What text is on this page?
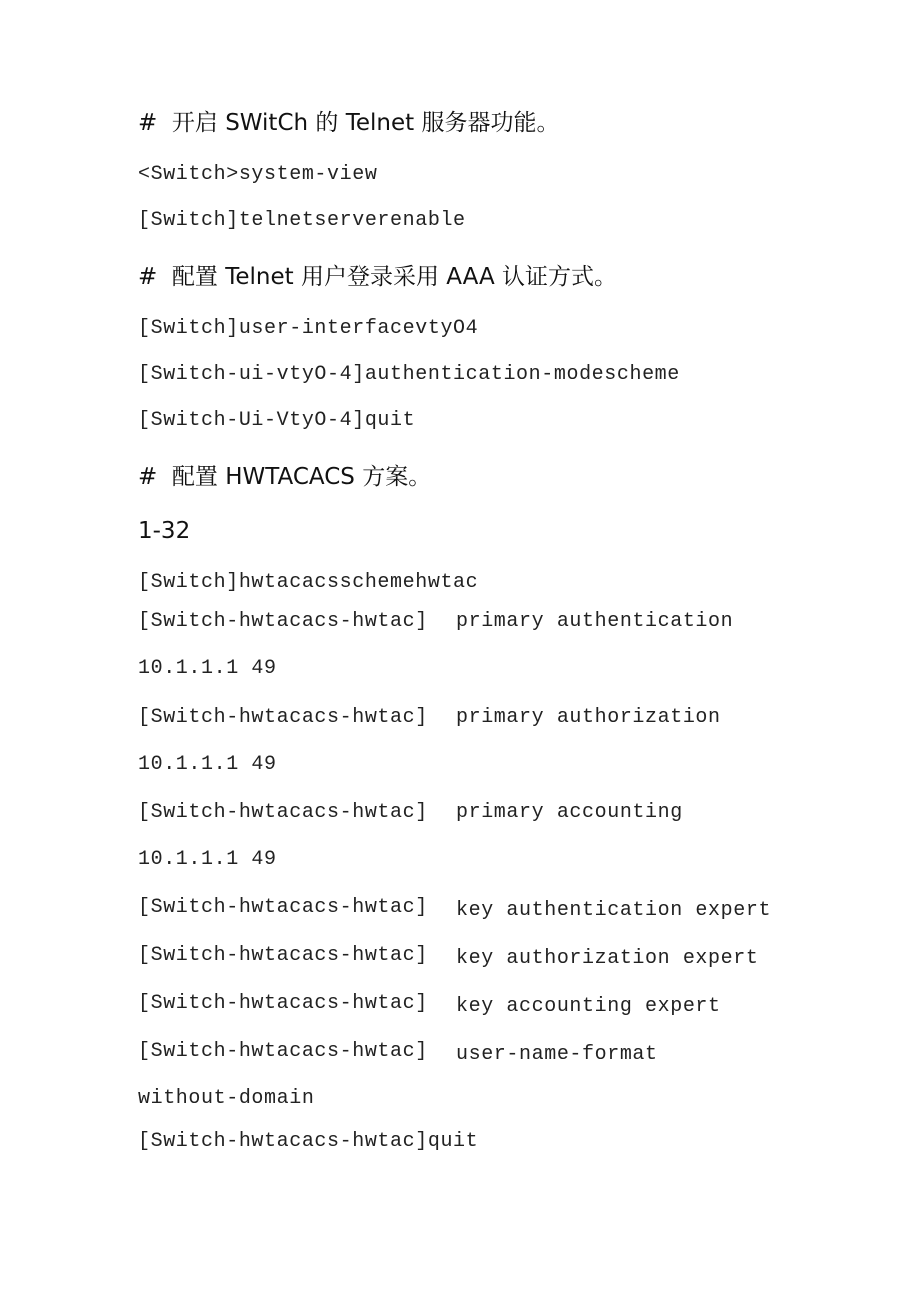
#  开启 SWitCh 的 Telnet 服务器功能。

<Switch>system-view

[Switch]telnetserverenable

#  配置 Telnet 用户登录采用 AAA 认证方式。

[Switch]user-interfacevtyO4

[Switch-ui-vtyO-4]authentication-modescheme

[Switch-Ui-VtyO-4]quit

#  配置 HWTACACS 方案。

1-32

[Switch]hwtacacsschemehwtac

[Switch-hwtacacs-hwtac] primary authentication

10.1.1.1 49

[Switch-hwtacacs-hwtac] primary authorization

10.1.1.1 49

[Switch-hwtacacs-hwtac] primary accounting

10.1.1.1 49

[Switch-hwtacacs-hwtac] key authentication expert
[Switch-hwtacacs-hwtac] key authorization expert
[Switch-hwtacacs-hwtac] key accounting expert
[Switch-hwtacacs-hwtac] user-name-format

without-domain

[Switch-hwtacacs-hwtac]quit
